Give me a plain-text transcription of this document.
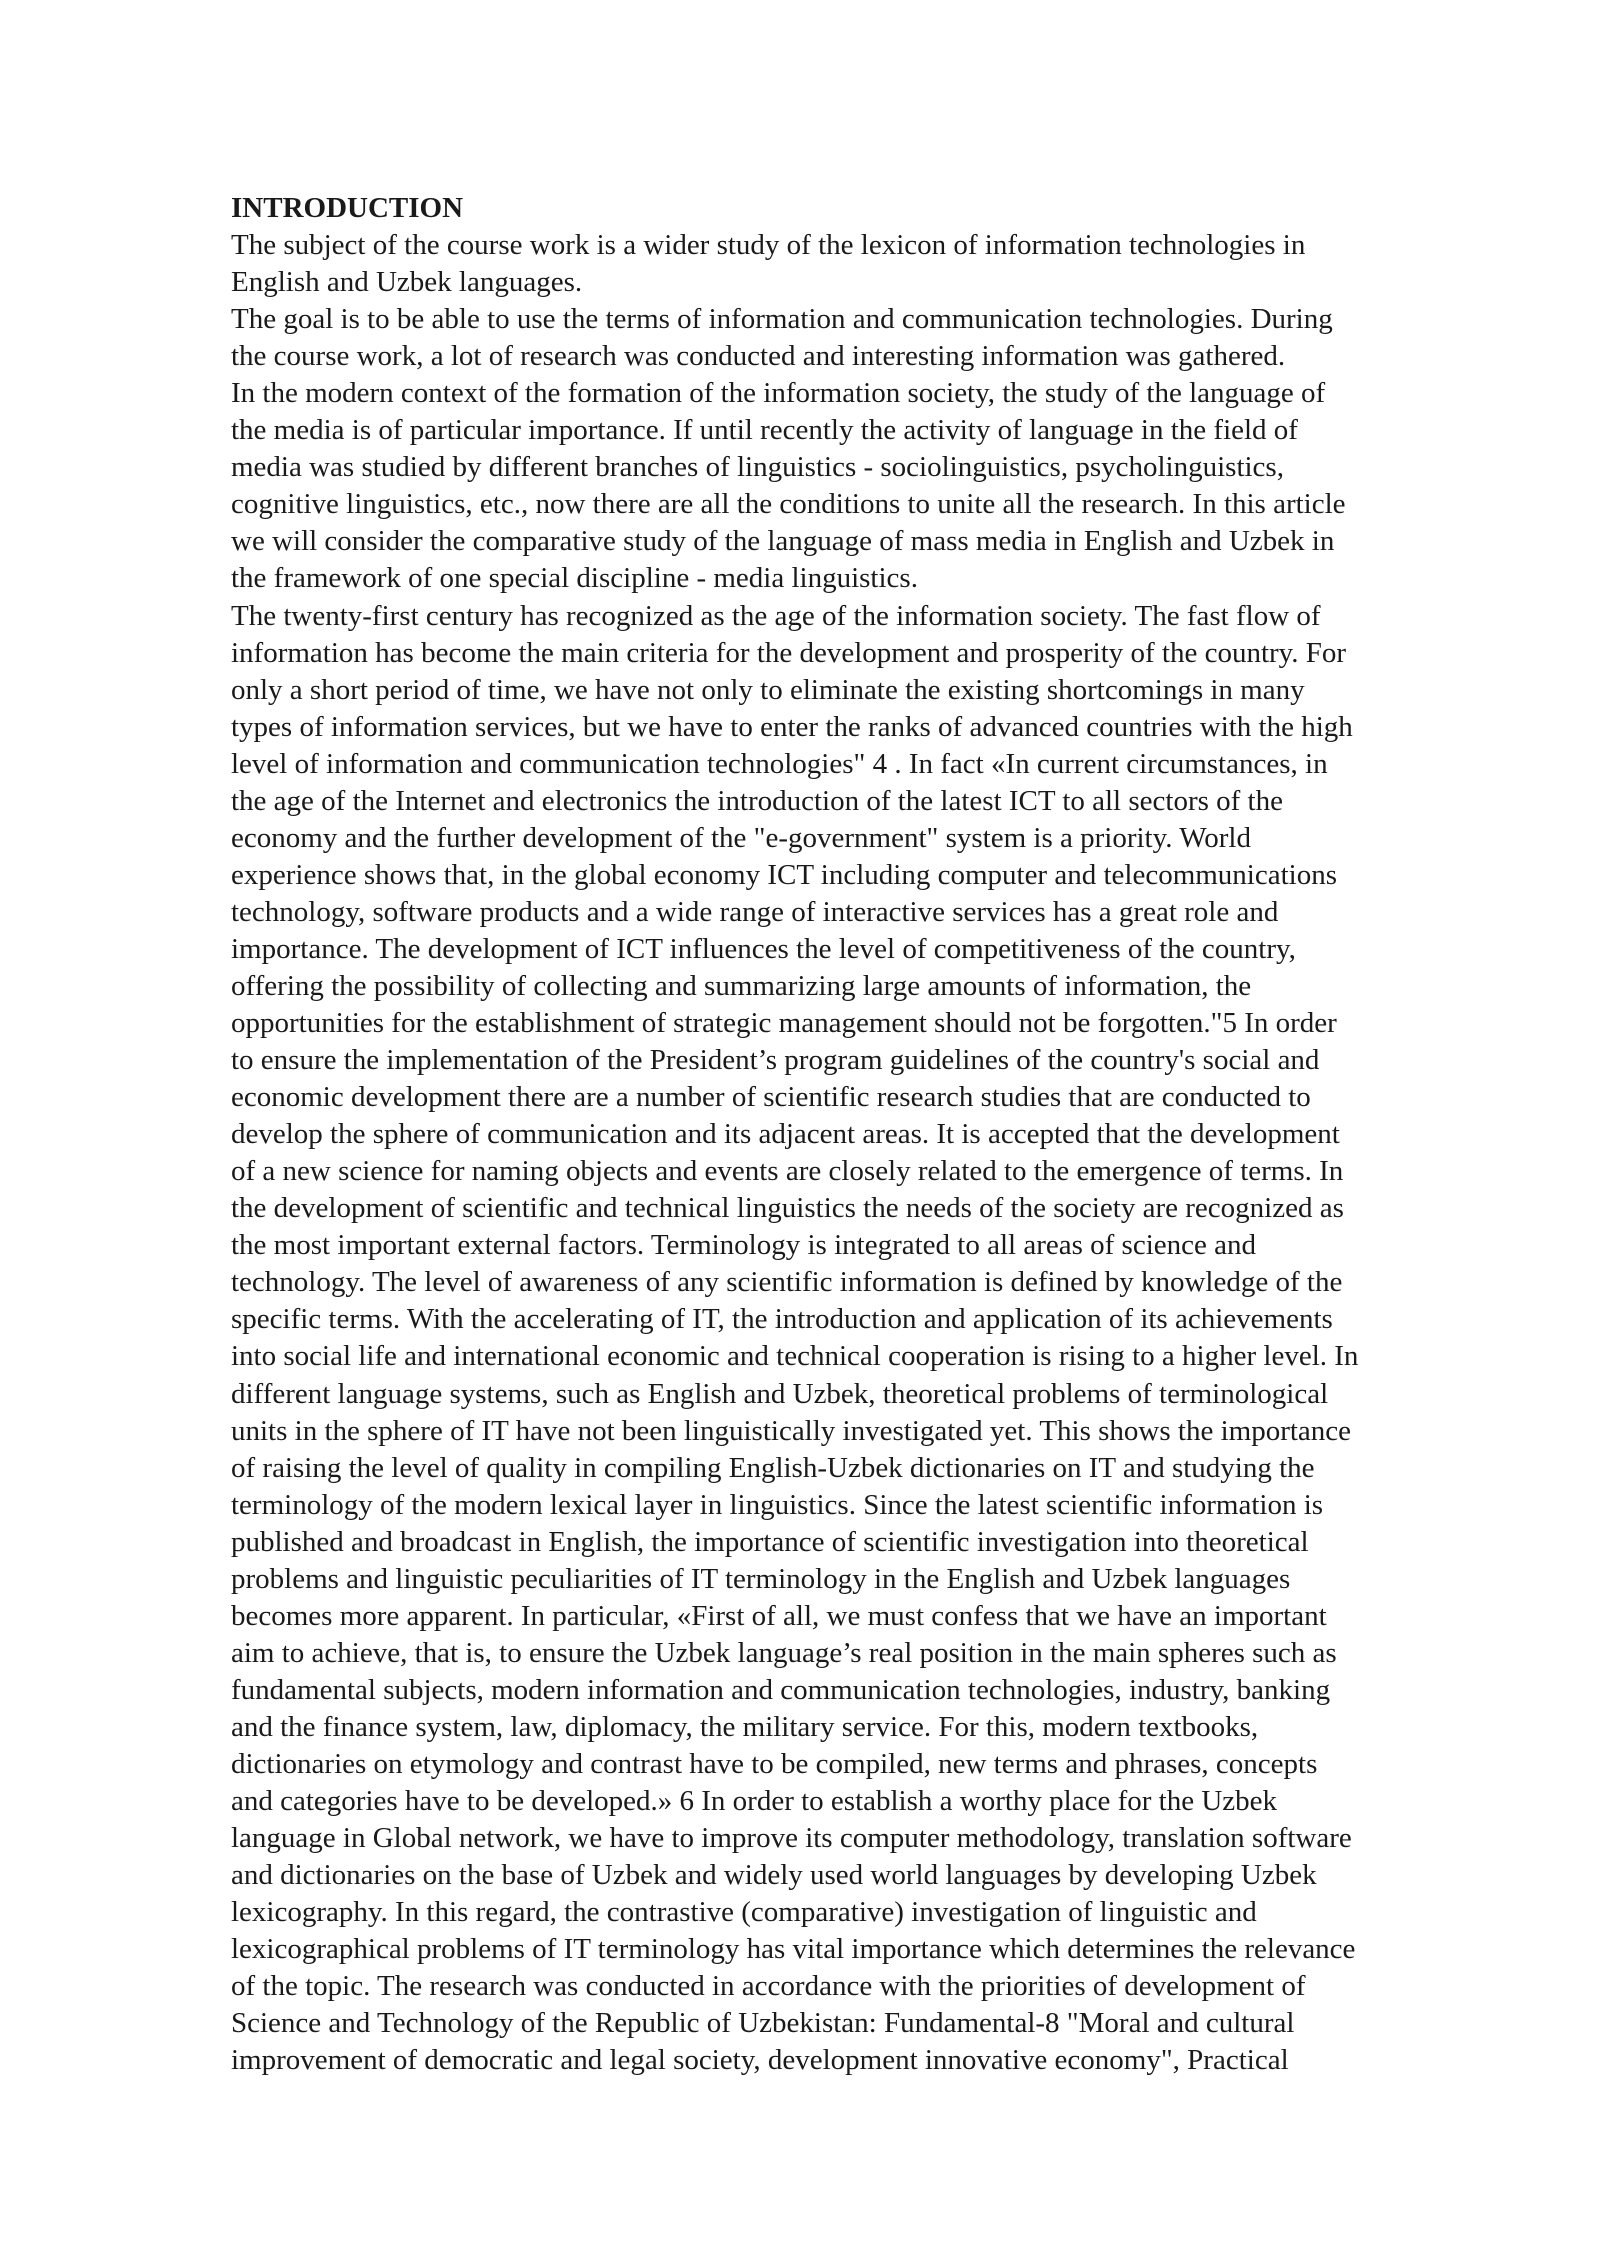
INTRODUCTION
The subject of the course work is a wider study of the lexicon of information technologies in
English and Uzbek languages.
The goal is to be able to use the terms of information and communication technologies. During
the course work, a lot of research was conducted and interesting information was gathered.
In the modern context of the formation of the information society, the study of the language of
the media is of particular importance. If until recently the activity of language in the field of
media was studied by different branches of linguistics - sociolinguistics, psycholinguistics,
cognitive linguistics, etc., now there are all the conditions to unite all the research. In this article
we will consider the comparative study of the language of mass media in English and Uzbek in
the framework of one special discipline - media linguistics.
The twenty-first century has recognized as the age of the information society. The fast flow of
information has become the main criteria for the development and prosperity of the country. For
only a short period of time, we have not only to eliminate the existing shortcomings in many
types of information services, but we have to enter the ranks of advanced countries with the high
level of information and communication technologies" 4 . In fact «In current circumstances, in
the age of the Internet and electronics the introduction of the latest ICT to all sectors of the
economy and the further development of the "e-government" system is a priority. World
experience shows that, in the global economy ICT including computer and telecommunications
technology, software products and a wide range of interactive services has a great role and
importance. The development of ICT influences the level of competitiveness of the country,
offering the possibility of collecting and summarizing large amounts of information, the
opportunities for the establishment of strategic management should not be forgotten."5 In order
to ensure the implementation of the President’s program guidelines of the country's social and
economic development there are a number of scientific research studies that are conducted to
develop the sphere of communication and its adjacent areas. It is accepted that the development
of a new science for naming objects and events are closely related to the emergence of terms. In
the development of scientific and technical linguistics the needs of the society are recognized as
the most important external factors. Terminology is integrated to all areas of science and
technology. The level of awareness of any scientific information is defined by knowledge of the
specific terms. With the accelerating of IT, the introduction and application of its achievements
into social life and international economic and technical cooperation is rising to a higher level. In
different language systems, such as English and Uzbek, theoretical problems of terminological
units in the sphere of IT have not been linguistically investigated yet. This shows the importance
of raising the level of quality in compiling English-Uzbek dictionaries on IT and studying the
terminology of the modern lexical layer in linguistics. Since the latest scientific information is
published and broadcast in English, the importance of scientific investigation into theoretical
problems and linguistic peculiarities of IT terminology in the English and Uzbek languages
becomes more apparent. In particular, «First of all, we must confess that we have an important
aim to achieve, that is, to ensure the Uzbek language’s real position in the main spheres such as
fundamental subjects, modern information and communication technologies, industry, banking
and the finance system, law, diplomacy, the military service. For this, modern textbooks,
dictionaries on etymology and contrast have to be compiled, new terms and phrases, concepts
and categories have to be developed.» 6 In order to establish a worthy place for the Uzbek
language in Global network, we have to improve its computer methodology, translation software
and dictionaries on the base of Uzbek and widely used world languages by developing Uzbek
lexicography. In this regard, the contrastive (comparative) investigation of linguistic and
lexicographical problems of IT terminology has vital importance which determines the relevance
of the topic. The research was conducted in accordance with the priorities of development of
Science and Technology of the Republic of Uzbekistan: Fundamental-8 "Moral and cultural
improvement of democratic and legal society, development innovative economy", Practical
